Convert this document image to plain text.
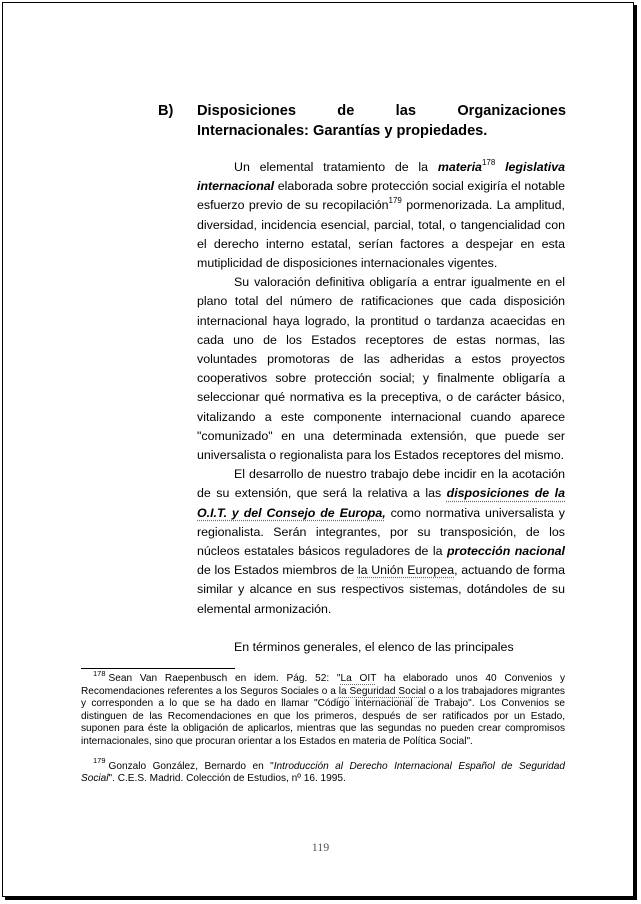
B) Disposiciones de las Organizaciones
Internacionales: Garantías y propiedades.

Un elemental tratamiento de la materia$^{178}$ legislativa internacional elaborada sobre protección social exigiría el notable esfuerzo previo de su recopilación$^{179}$ pormenorizada. La amplitud, diversidad, incidencia esencial, parcial, total, o tangencialidad con el derecho interno estatal, serían factores a despejar en esta mutiplicidad de disposiciones internacionales vigentes.

Su valoración definitiva obligaría a entrar igualmente en el plano total del número de ratificaciones que cada disposición internacional haya logrado, la prontitud o tardanza acaecidas en cada uno de los Estados receptores de estas normas, las voluntades promotoras de las adheridas a estos proyectos cooperativos sobre protección social; y finalmente obligaría a seleccionar qué normativa es la preceptiva, o de carácter básico, vitalizando a este componente internacional cuando aparece "comunizado" en una determinada extensión, que puede ser universalista o regionalista para los Estados receptores del mismo.

El desarrollo de nuestro trabajo debe incidir en la acotación de su extensión, que será la relativa a las disposiciones de la O.I.T. y del Consejo de Europa, como normativa universalista y regionalista. Serán integrantes, por su transposición, de los núcleos estatales básicos reguladores de la protección nacional de los Estados miembros de la Unión Europea, actuando de forma similar y alcance en sus respectivos sistemas, dotándoles de su elemental armonización.

En términos generales, el elenco de las principales

$^{178}$ Sean Van Raepenbusch en idem. Pág. 52: "La OIT ha elaborado unos 40 Convenios y Recomendaciones referentes a los Seguros Sociales o a la Seguridad Social o a los trabajadores migrantes y corresponden a lo que se ha dado en llamar "Código Internacional de Trabajo". Los Convenios se distinguen de las Recomendaciones en que los primeros, después de ser ratificados por un Estado, suponen para éste la obligación de aplicarlos, mientras que las segundas no pueden crear compromisos internacionales, sino que procuran orientar a los Estados en materia de Política Social".

$^{179}$ Gonzalo González, Bernardo en "Introducción al Derecho Internacional Español de Seguridad Social". C.E.S. Madrid. Colección de Estudios, nº 16. 1995.

119
